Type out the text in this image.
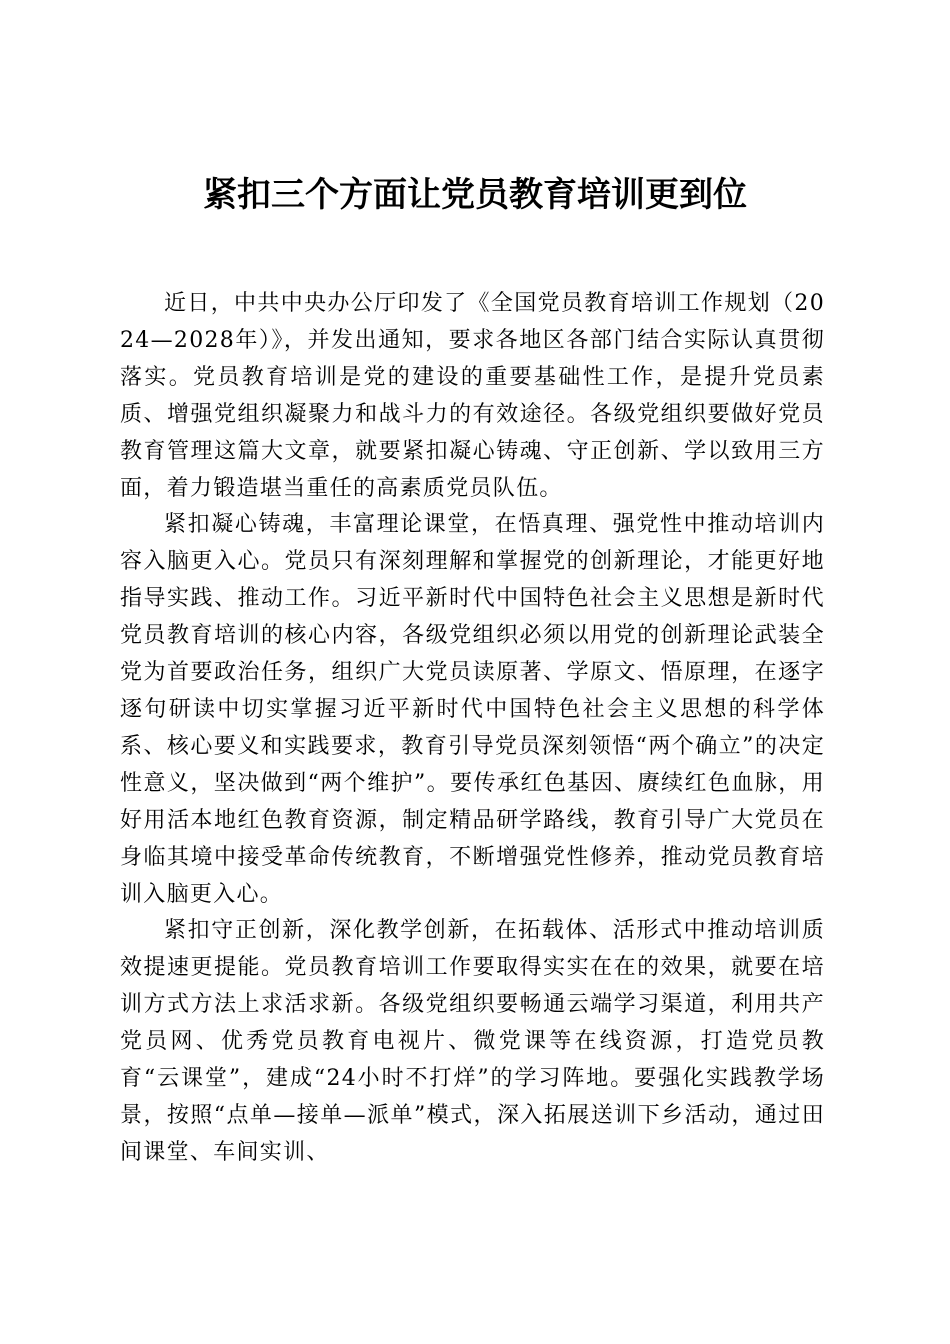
紧扣三个方面让党员教育培训更到位

近日，中共中央办公厅印发了《全国党员教育培训工作规划（2024—2028年）》，并发出通知，要求各地区各部门结合实际认真贯彻落实。党员教育培训是党的建设的重要基础性工作，是提升党员素质、增强党组织凝聚力和战斗力的有效途径。各级党组织要做好党员教育管理这篇大文章，就要紧扣凝心铸魂、守正创新、学以致用三方面，着力锻造堪当重任的高素质党员队伍。

紧扣凝心铸魂，丰富理论课堂，在悟真理、强党性中推动培训内容入脑更入心。党员只有深刻理解和掌握党的创新理论，才能更好地指导实践、推动工作。习近平新时代中国特色社会主义思想是新时代党员教育培训的核心内容，各级党组织必须以用党的创新理论武装全党为首要政治任务，组织广大党员读原著、学原文、悟原理，在逐字逐句研读中切实掌握习近平新时代中国特色社会主义思想的科学体系、核心要义和实践要求，教育引导党员深刻领悟“两个确立”的决定性意义，坚决做到“两个维护”。要传承红色基因、赓续红色血脉，用好用活本地红色教育资源，制定精品研学路线，教育引导广大党员在身临其境中接受革命传统教育，不断增强党性修养，推动党员教育培训入脑更入心。

紧扣守正创新，深化教学创新，在拓载体、活形式中推动培训质效提速更提能。党员教育培训工作要取得实实在在的效果，就要在培训方式方法上求活求新。各级党组织要畅通云端学习渠道，利用共产党员网、优秀党员教育电视片、微党课等在线资源，打造党员教育“云课堂”，建成“24小时不打烊”的学习阵地。要强化实践教学场景，按照“点单—接单—派单”模式，深入拓展送训下乡活动，通过田间课堂、车间实训、
